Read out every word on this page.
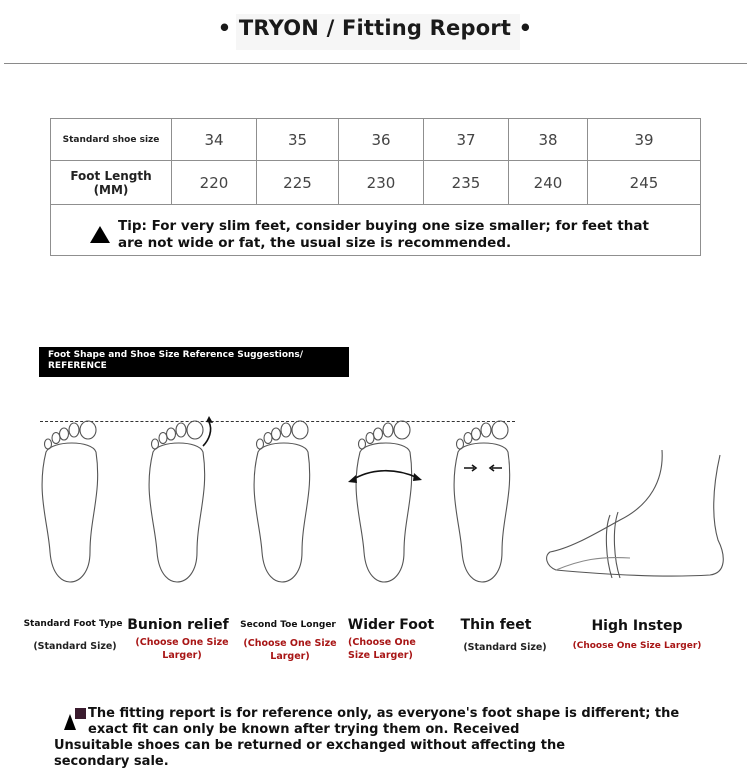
• TRYON / Fitting Report •
Standard shoe size	34	35	36	37	38	39
Foot Length (MM)	220	225	230	235	240	245

Tip: For very slim feet, consider buying one size smaller; for feet that are not wide or fat, the usual size is recommended.
Foot Shape and Shoe Size Reference Suggestions/ REFERENCE
Standard Foot Type
(Standard Size)
Bunion relief
(Choose One Size Larger)
Second Toe Longer
(Choose One Size Larger)
Wider Foot
(Choose One Size Larger)
Thin feet
(Standard Size)
High Instep
(Choose One Size Larger)
The fitting report is for reference only, as everyone's foot shape is different; the exact fit can only be known after trying them on. Received
Unsuitable shoes can be returned or exchanged without affecting the secondary sale.
